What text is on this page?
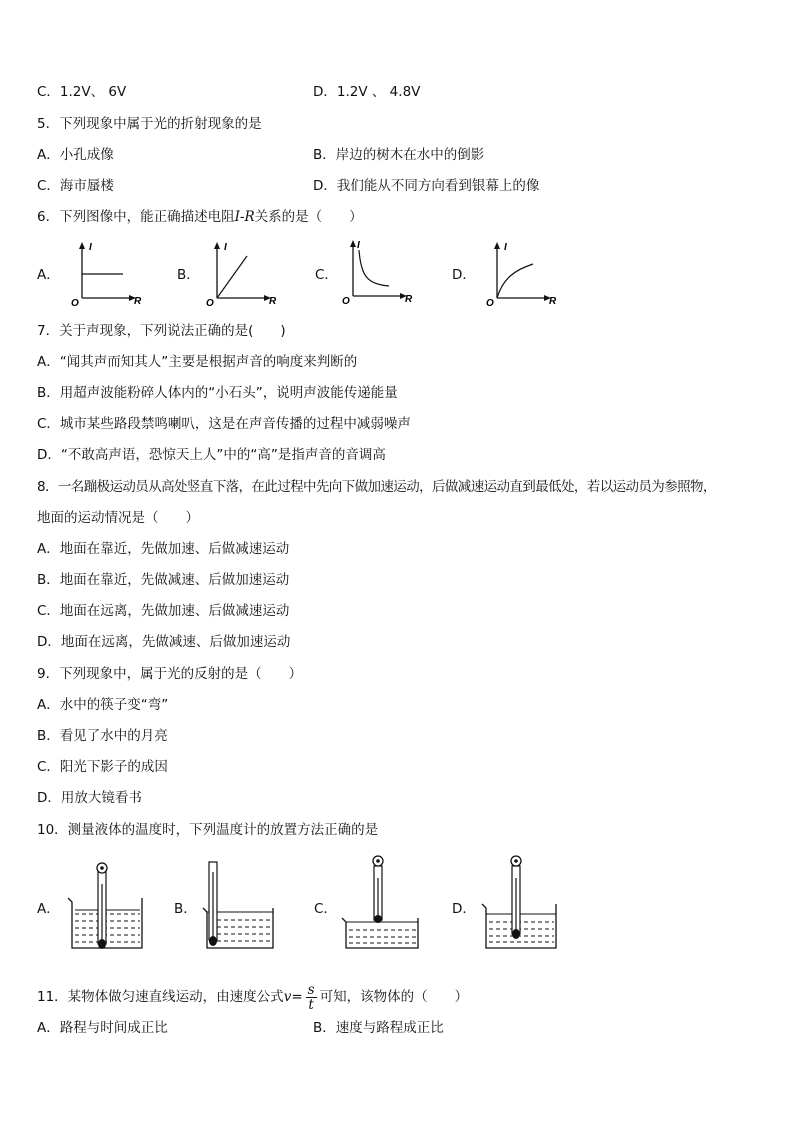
C．1.2V、 6V	D．1.2V 、 4.8V
5．下列现象中属于光的折射现象的是
A．小孔成像	B．岸边的树木在水中的倒影
C．海市蜃楼	D．我们能从不同方向看到银幕上的像
6．下列图像中，能正确描述电阻I-R关系的是（　　）
A．	B．	C．	D．
I
R
O
I
R
O
I
R
O
I
R
O
7．关于声现象，下列说法正确的是(　　)
A．“闻其声而知其人”主要是根据声音的响度来判断的
B．用超声波能粉碎人体内的“小石头”，说明声波能传递能量
C．城市某些路段禁鸣喇叭，这是在声音传播的过程中减弱噪声
D．“不敢高声语，恐惊天上人”中的“高”是指声音的音调高
8．一名蹦极运动员从高处竖直下落，在此过程中先向下做加速运动，后做减速运动直到最低处，若以运动员为参照物，
地面的运动情况是（　　）
A．地面在靠近，先做加速、后做减速运动
B．地面在靠近，先做减速、后做加速运动
C．地面在远离，先做加速、后做减速运动
D．地面在远离，先做减速、后做加速运动
9．下列现象中，属于光的反射的是（　　）
A．水中的筷子变“弯”
B．看见了水中的月亮
C．阳光下影子的成因
D．用放大镜看书
10．测量液体的温度时，下列温度计的放置方法正确的是
A．	B．	C．	D．
11．某物体做匀速直线运动，由速度公式$v= \frac{s}{t}$ 可知，该物体的（　　）
A．路程与时间成正比	B．速度与路程成正比
